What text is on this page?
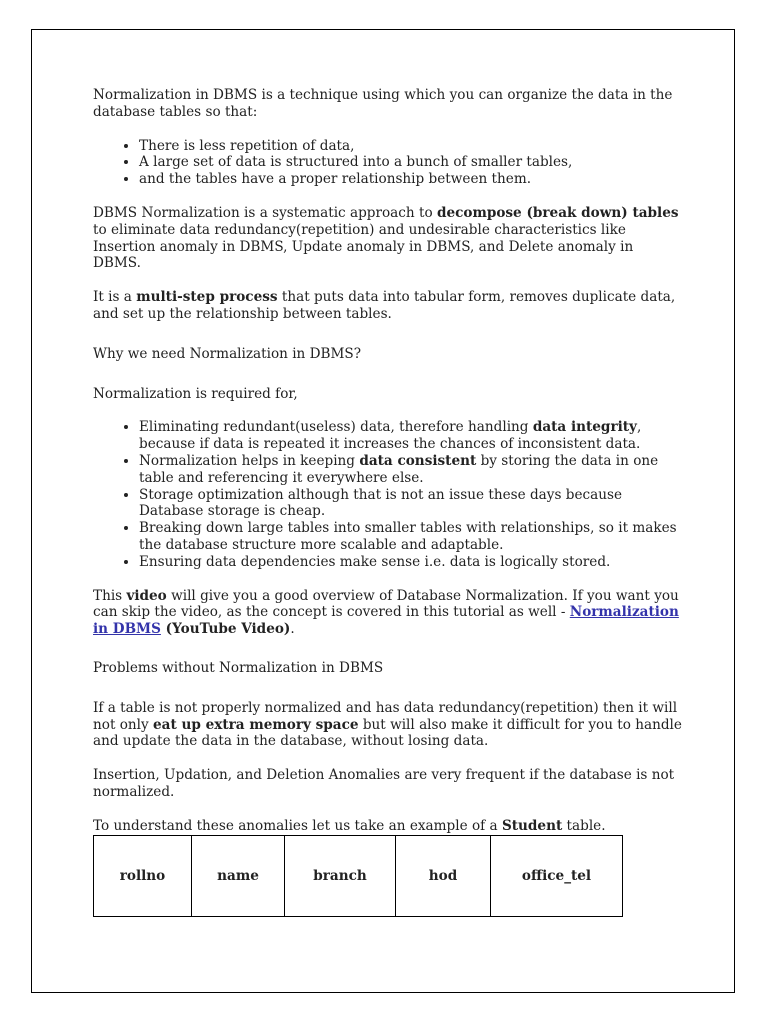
Normalization in DBMS is a technique using which you can organize the data in the database tables so that:

• There is less repetition of data,
• A large set of data is structured into a bunch of smaller tables,
• and the tables have a proper relationship between them.

DBMS Normalization is a systematic approach to decompose (break down) tables to eliminate data redundancy(repetition) and undesirable characteristics like Insertion anomaly in DBMS, Update anomaly in DBMS, and Delete anomaly in DBMS.

It is a multi-step process that puts data into tabular form, removes duplicate data, and set up the relationship between tables.

Why we need Normalization in DBMS?

Normalization is required for,

• Eliminating redundant(useless) data, therefore handling data integrity, because if data is repeated it increases the chances of inconsistent data.
• Normalization helps in keeping data consistent by storing the data in one table and referencing it everywhere else.
• Storage optimization although that is not an issue these days because Database storage is cheap.
• Breaking down large tables into smaller tables with relationships, so it makes the database structure more scalable and adaptable.
• Ensuring data dependencies make sense i.e. data is logically stored.

This video will give you a good overview of Database Normalization. If you want you can skip the video, as the concept is covered in this tutorial as well - Normalization in DBMS (YouTube Video).

Problems without Normalization in DBMS

If a table is not properly normalized and has data redundancy(repetition) then it will not only eat up extra memory space but will also make it difficult for you to handle and update the data in the database, without losing data.

Insertion, Updation, and Deletion Anomalies are very frequent if the database is not normalized.

To understand these anomalies let us take an example of a Student table.

rollno	name	branch	hod	office_tel
